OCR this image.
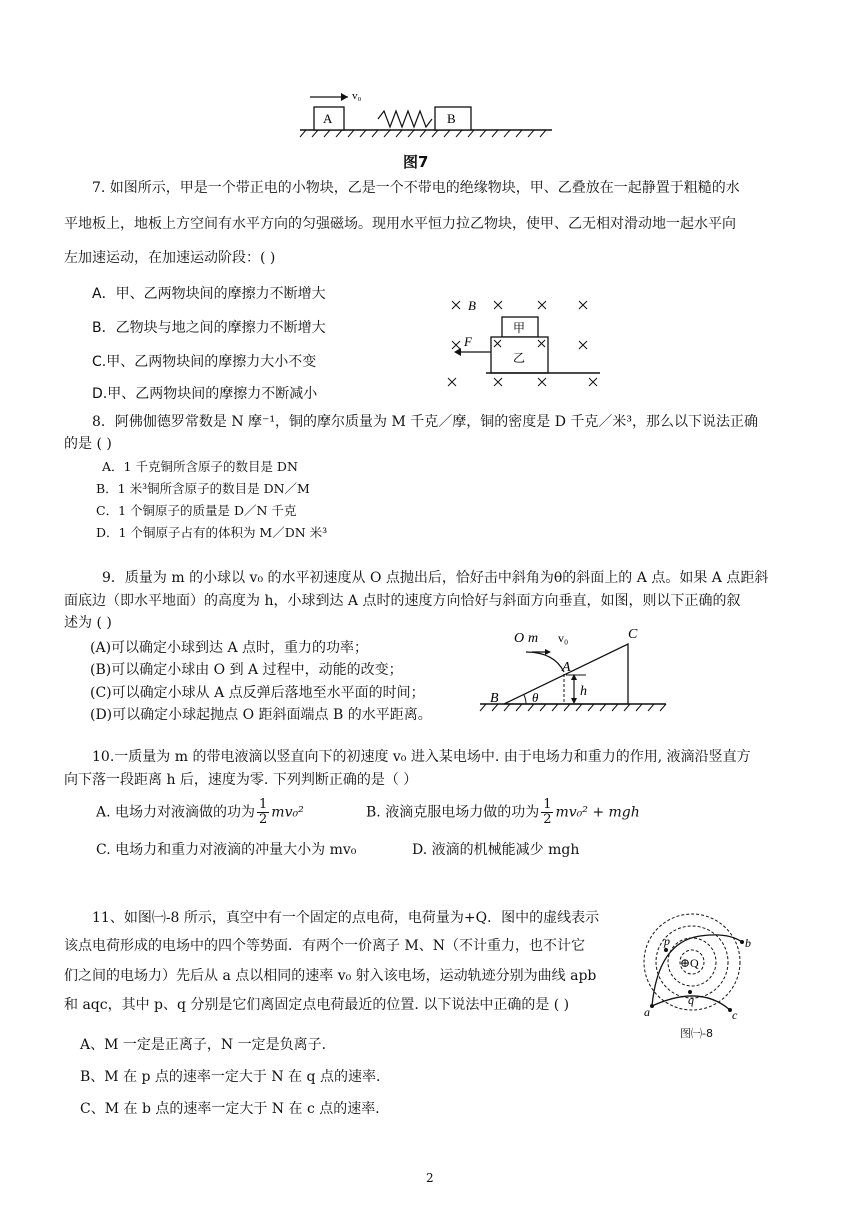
A
v₀
B
图7
7. 如图所示，甲是一个带正电的小物块，乙是一个不带电的绝缘物块，甲、乙叠放在一起静置于粗糙的水
平地板上，地板上方空间有水平方向的匀强磁场。现用水平恒力拉乙物块，使甲、乙无相对滑动地一起水平向
左加速运动，在加速运动阶段：( )
A．甲、乙两物块间的摩擦力不断增大
B．乙物块与地之间的摩擦力不断增大
C.甲、乙两物块间的摩擦力大小不变
D.甲、乙两物块间的摩擦力不断减小
B
甲
乙
F
8．阿佛伽德罗常数是 N 摩⁻¹，铜的摩尔质量为 M 千克／摩，铜的密度是 D 千克／米³，那么以下说法正确
的是 ( )
A．1 千克铜所含原子的数目是 DN
B．1 米³铜所含原子的数目是 DN／M
C．1 个铜原子的质量是 D／N 千克
D．1 个铜原子占有的体积为 M／DN 米³
9．质量为 m 的小球以 v₀ 的水平初速度从 O 点抛出后，恰好击中斜角为θ的斜面上的 A 点。如果 A 点距斜
面底边（即水平地面）的高度为 h，小球到达 A 点时的速度方向恰好与斜面方向垂直，如图，则以下正确的叙
述为 ( )
(A)可以确定小球到达 A 点时，重力的功率；
(B)可以确定小球由 O 到 A 过程中，动能的改变；
(C)可以确定小球从 A 点反弹后落地至水平面的时间；
(D)可以确定小球起抛点 O 距斜面端点 B 的水平距离。
O m v₀	C
A
h
B	θ
10.一质量为 m 的带电液滴以竖直向下的初速度 v₀ 进入某电场中. 由于电场力和重力的作用, 液滴沿竖直方
向下落一段距离 h 后，速度为零. 下列判断正确的是（ ）
A. 电场力对液滴做的功为 $\frac{1}{2} mv_0^2$	B. 液滴克服电场力做的功为 $\frac{1}{2} mv_0^2$ + mgh
C. 电场力和重力对液滴的冲量大小为 mv₀	D. 液滴的机械能减少 mgh
11、如图㈠-8 所示，真空中有一个固定的点电荷，电荷量为+Q．图中的虚线表示
该点电荷形成的电场中的四个等势面．有两个一价离子 M、N（不计重力，也不计它
们之间的电场力）先后从 a 点以相同的速率 v₀ 射入该电场，运动轨迹分别为曲线 apb
和 aqc，其中 p、q 分别是它们离固定点电荷最近的位置. 以下说法中正确的是 ( )
A、M 一定是正离子，N 一定是负离子．
B、M 在 p 点的速率一定大于 N 在 q 点的速率．
C、M 在 b 点的速率一定大于 N 在 c 点的速率．
p	b
⊕Q
q
a	c
图㈠-8
2
